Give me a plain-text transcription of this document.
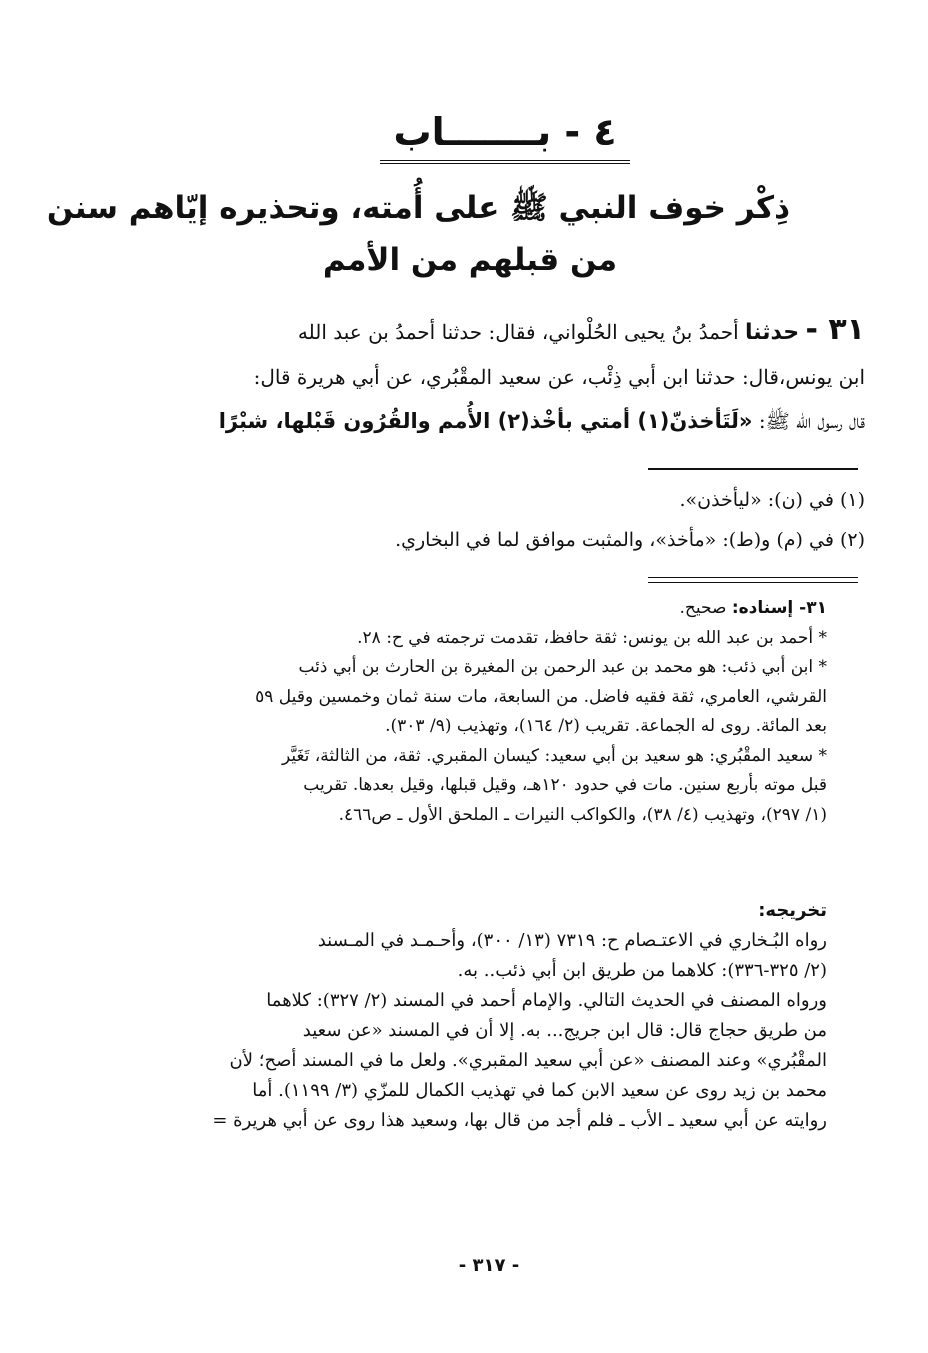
٤ - بـــــــاب
ذِكْر خوف النبي ﷺ على أُمته، وتحذيره إيّاهم سنن
من قبلهم من الأمم
٣١ - حدثنا أحمدُ بنُ يحيى الحُلْواني، فقال: حدثنا أحمدُ بن عبد الله
ابن يونس،قال: حدثنا ابن أبي ذِئْب، عن سعيد المقْبُري، عن أبي هريرة قال:
قال رسول الله ﷺ: «لَتَأخذنّ(١) أمتي بأخْذ(٢) الأُمم والقُرُون قَبْلها، شبْرًا
(١) في (ن): «ليأخذن».
(٢) في (م) و(ط): «مأخذ»، والمثبت موافق لما في البخاري.
٣١- إسناده: صحيح.
* أحمد بن عبد الله بن يونس: ثقة حافظ، تقدمت ترجمته في ح: ٢٨.
* ابن أبي ذئب: هو محمد بن عبد الرحمن بن المغيرة بن الحارث بن أبي ذئب
القرشي، العامري، ثقة فقيه فاضل. من السابعة، مات سنة ثمان وخمسين وقيل ٥٩
بعد المائة. روى له الجماعة. تقريب (٢/ ١٦٤)، وتهذيب (٩/ ٣٠٣).
* سعيد المقْبُري: هو سعيد بن أبي سعيد: كيسان المقبري. ثقة، من الثالثة، تَغَيَّر
قبل موته بأربع سنين. مات في حدود ١٢٠هـ، وقيل قبلها، وقيل بعدها. تقريب
(١/ ٢٩٧)، وتهذيب (٤/ ٣٨)، والكواكب النيرات ـ الملحق الأول ـ ص٤٦٦.
تخريجه:
رواه البُـخاري في الاعتـصام ح: ٧٣١٩ (١٣/ ٣٠٠)، وأحـمـد في المـسند
(٢/ ٣٢٥-٣٣٦): كلاهما من طريق ابن أبي ذئب.. به.
ورواه المصنف في الحديث التالي. والإمام أحمد في المسند (٢/ ٣٢٧): كلاهما
من طريق حجاج قال: قال ابن جريج... به. إلا أن في المسند «عن سعيد
المقْبُري» وعند المصنف «عن أبي سعيد المقبري». ولعل ما في المسند أصح؛ لأن
محمد بن زيد روى عن سعيد الابن كما في تهذيب الكمال للمزّي (٣/ ١١٩٩). أما
روايته عن أبي سعيد ـ الأب ـ فلم أجد من قال بها، وسعيد هذا روى عن أبي هريرة =
- ٣١٧ -
